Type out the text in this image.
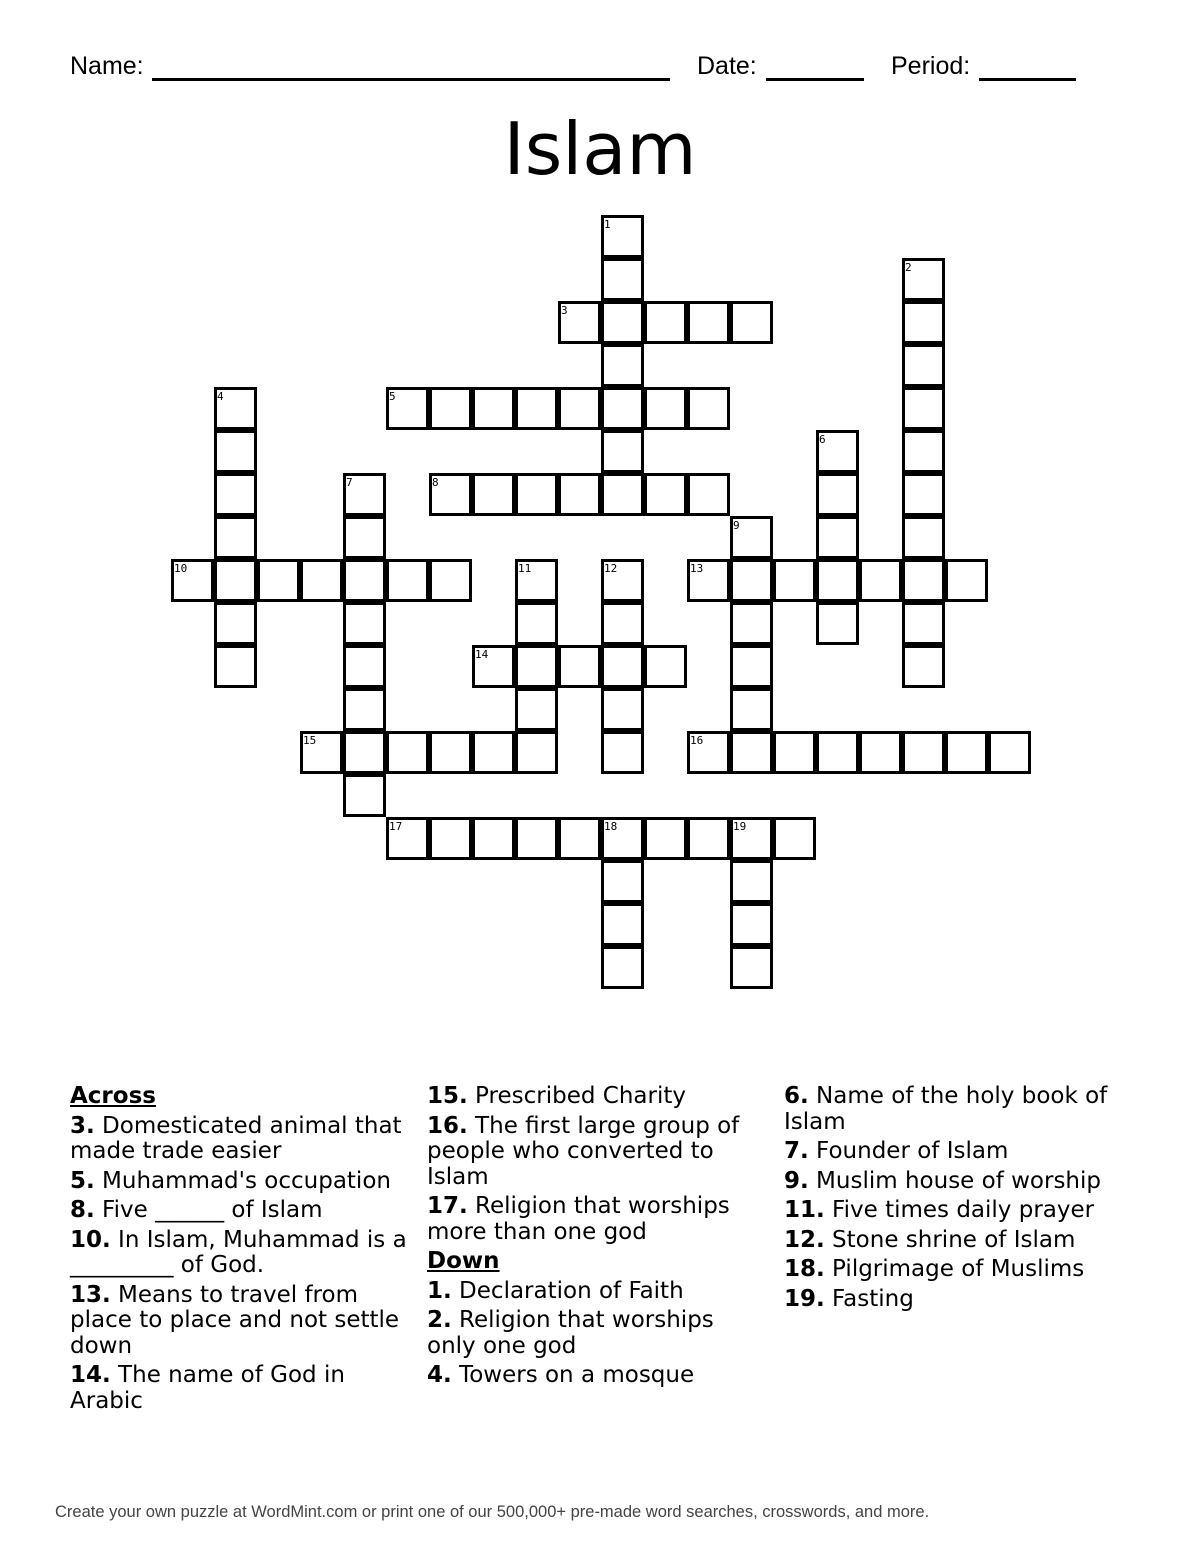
Name:	Date:	Period:
Islam
1
2
3
4	5
6
7	8
9
10	11	12	13
14
15	16
17	18	19
Across
3. Domesticated animal that made trade easier
5. Muhammad's occupation
8. Five ______ of Islam
10. In Islam, Muhammad is a _________ of God.
13. Means to travel from place to place and not settle down
14. The name of God in Arabic
15. Prescribed Charity
16. The first large group of people who converted to Islam
17. Religion that worships more than one god
Down
1. Declaration of Faith
2. Religion that worships only one god
4. Towers on a mosque
6. Name of the holy book of Islam
7. Founder of Islam
9. Muslim house of worship
11. Five times daily prayer
12. Stone shrine of Islam
18. Pilgrimage of Muslims
19. Fasting
Create your own puzzle at WordMint.com or print one of our 500,000+ pre-made word searches, crosswords, and more.
